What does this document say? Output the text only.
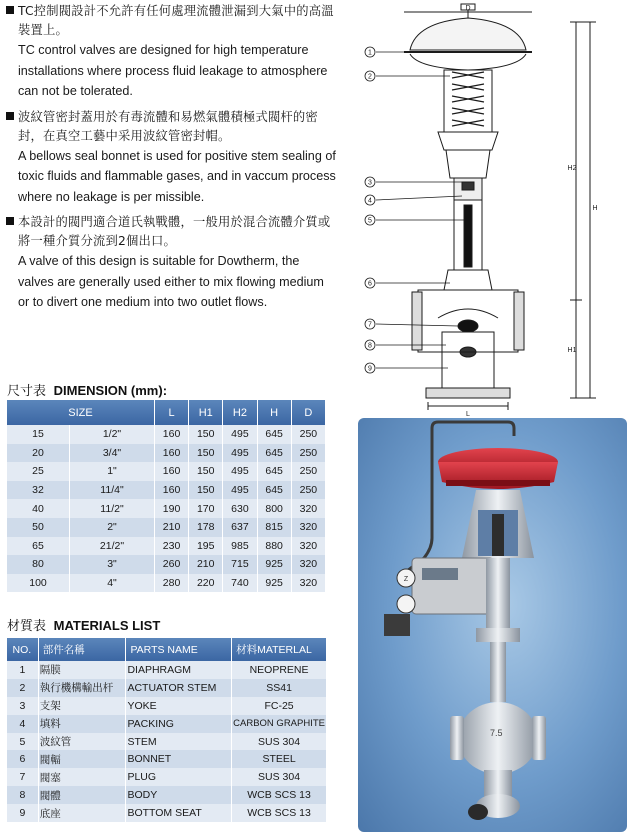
TC控制閥設計不允許有任何處理流體泄漏到大氣中的高溫裝置上。
TC control valves are designed for high temperature installations where process fluid leakage to atmosphere can not be tolerated.
波紋管密封蓋用於有毒流體和易燃氣體積極式閥杆的密封，在真空工藝中采用波紋管密封帽。
A bellows seal bonnet is used for positive stem sealing of toxic fluids and flammable gases, and in vaccum process where no leakage is per missible.
本設計的閥門適合道氏執戰體，一般用於混合流體介質或將一種介質分流到2個出口。
A valve of this design is suitable for Dowtherm, the valves are generally used either to mix flowing medium or to divert one medium into two outlet flows.
1
2
3
4
5
6
7
8
9
H2
H
H1
L
D
尺寸表 DIMENSION (mm):
SIZE		L	H1	H2	H	D
15	1/2"	160	150	495	645	250
20	3/4"	160	150	495	645	250
25	1"	160	150	495	645	250
32	11/4"	160	150	495	645	250
40	11/2"	190	170	630	800	320
50	2"	210	178	637	815	320
65	21/2"	230	195	985	880	320
80	3"	260	210	715	925	320
100	4"	280	220	740	925	320
材質表 MATERIALS LIST
NO.	部件名稱	PARTS NAME	材料MATERLAL
1	隔膜	DIAPHRAGM	NEOPRENE
2	執行機構輸出杆	ACTUATOR STEM	SS41
3	支架	YOKE	FC-25
4	填料	PACKING	CARBON GRAPHITE
5	波紋管	STEM	SUS 304
6	閥輻	BONNET	STEEL
7	閥塞	PLUG	SUS 304
8	閥體	BODY	WCB SCS 13
9	底座	BOTTOM SEAT	WCB SCS 13
Z
7.5
